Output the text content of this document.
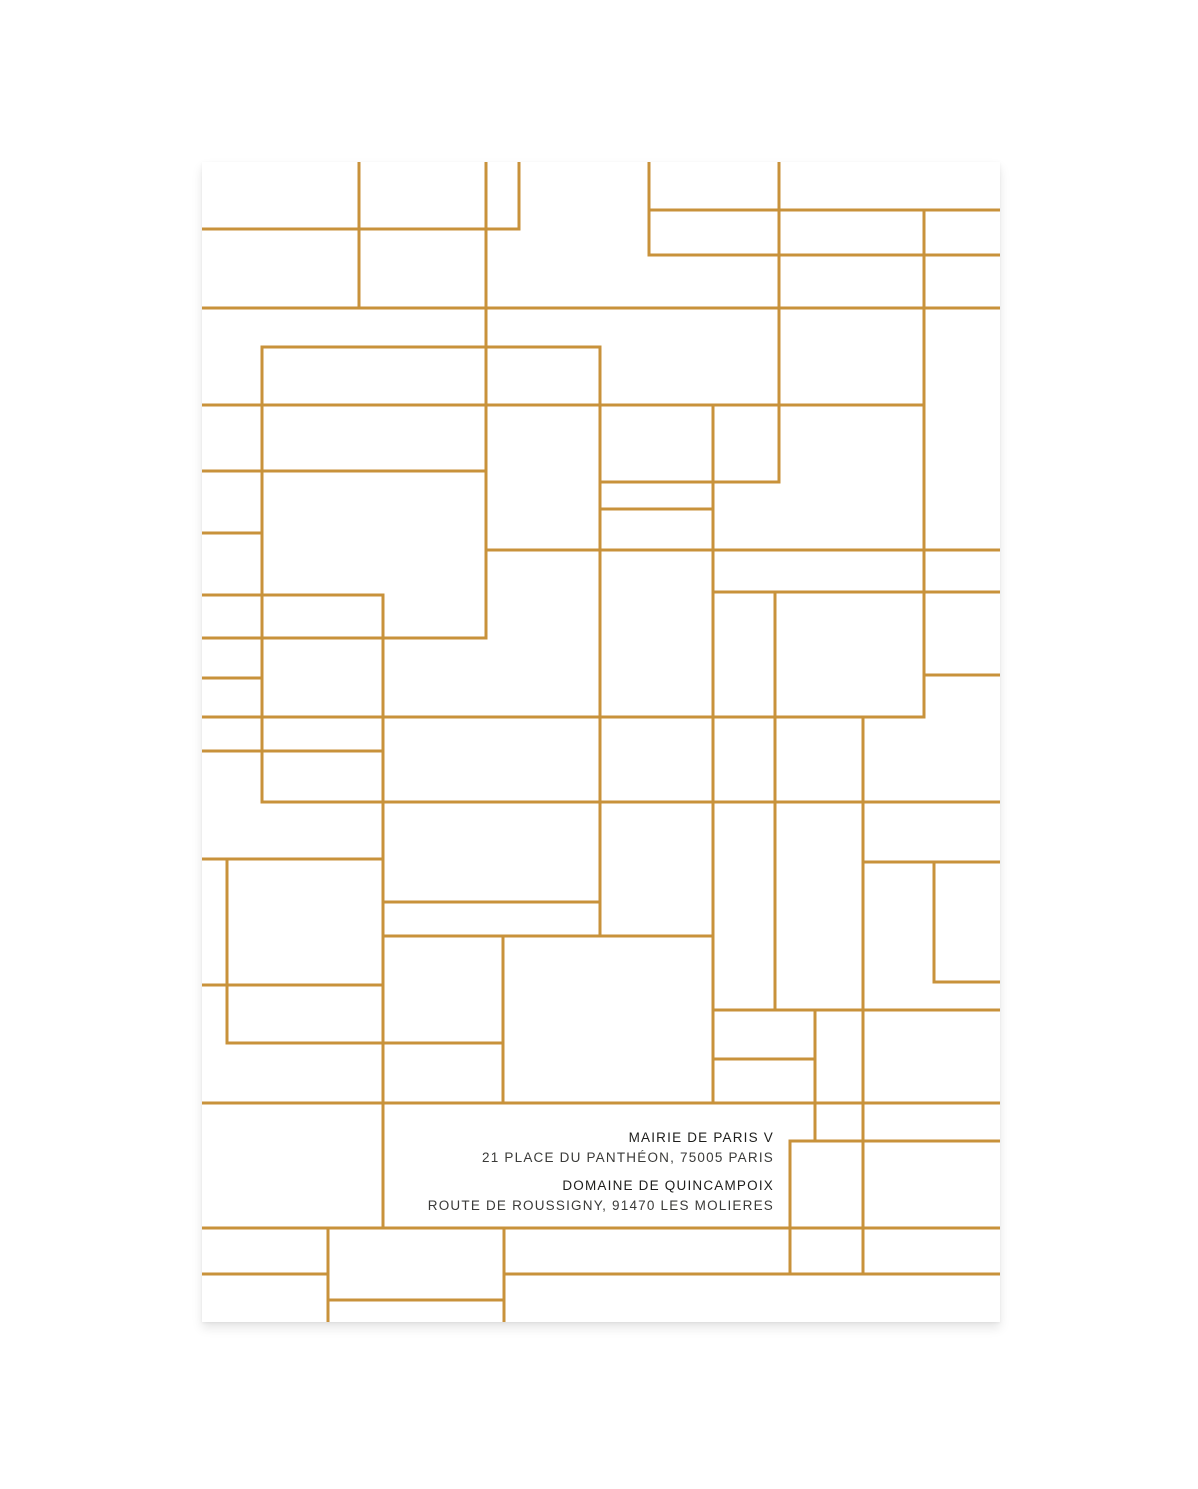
MAIRIE DE PARIS V
21 PLACE DU PANTHÉON, 75005 PARIS
DOMAINE DE QUINCAMPOIX
ROUTE DE ROUSSIGNY, 91470 LES MOLIERES
